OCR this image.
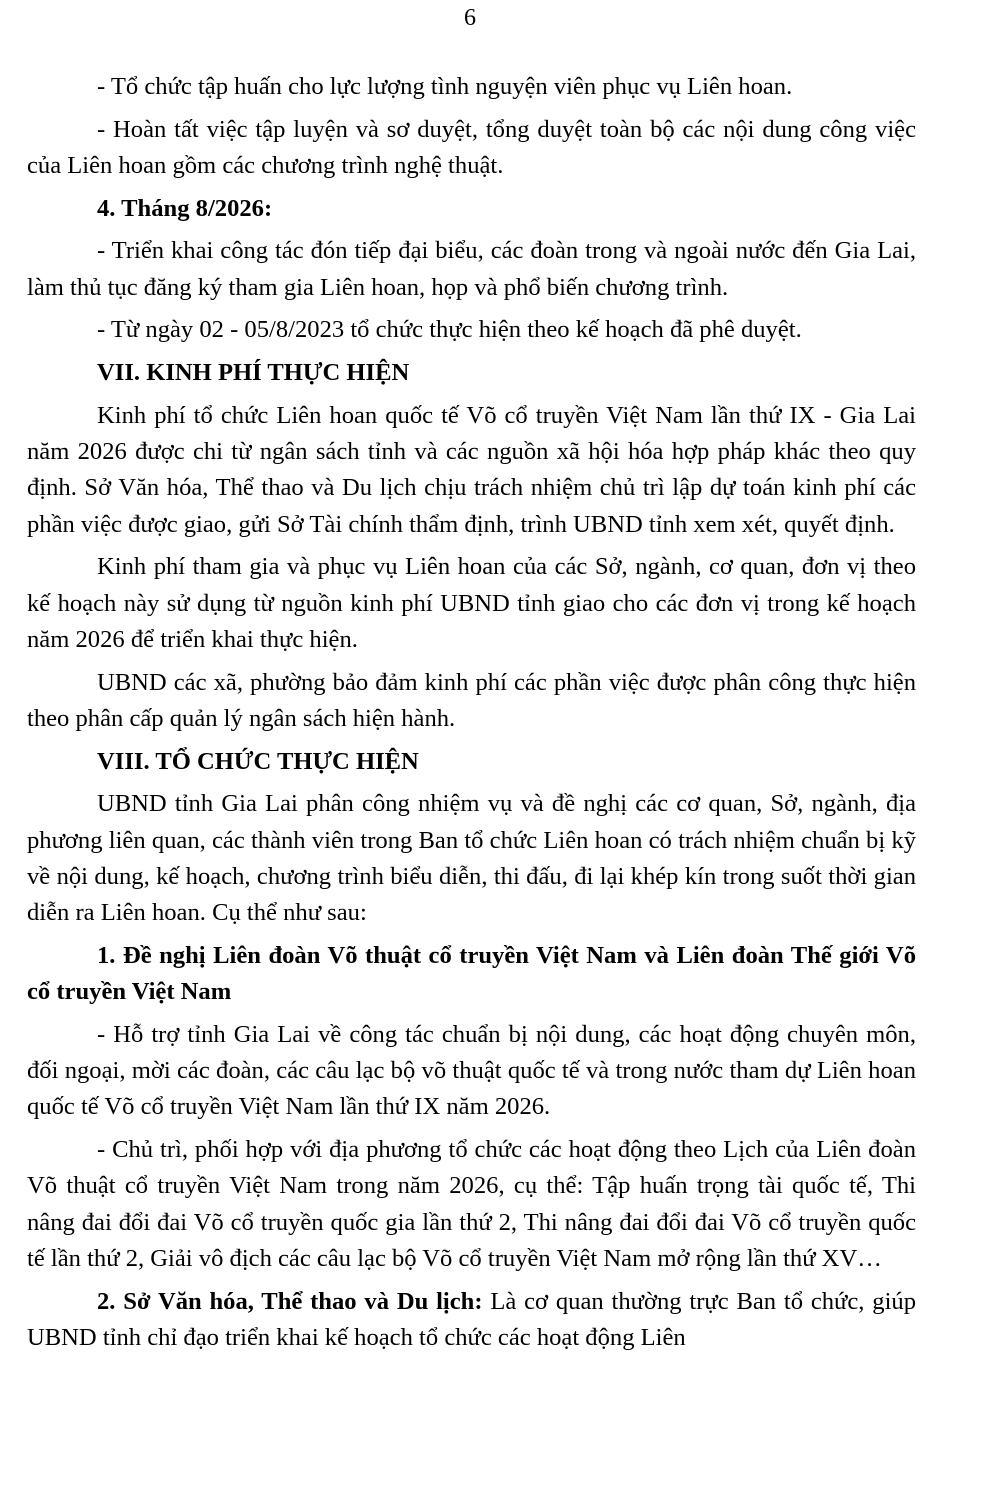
6

- Tổ chức tập huấn cho lực lượng tình nguyện viên phục vụ Liên hoan.

- Hoàn tất việc tập luyện và sơ duyệt, tổng duyệt toàn bộ các nội dung công việc của Liên hoan gồm các chương trình nghệ thuật.

4. Tháng 8/2026:

- Triển khai công tác đón tiếp đại biểu, các đoàn trong và ngoài nước đến Gia Lai, làm thủ tục đăng ký tham gia Liên hoan, họp và phổ biến chương trình.

- Từ ngày 02 - 05/8/2023 tổ chức thực hiện theo kế hoạch đã phê duyệt.

VII. KINH PHÍ THỰC HIỆN

Kinh phí tổ chức Liên hoan quốc tế Võ cổ truyền Việt Nam lần thứ IX - Gia Lai năm 2026 được chi từ ngân sách tỉnh và các nguồn xã hội hóa hợp pháp khác theo quy định. Sở Văn hóa, Thể thao và Du lịch chịu trách nhiệm chủ trì lập dự toán kinh phí các phần việc được giao, gửi Sở Tài chính thẩm định, trình UBND tỉnh xem xét, quyết định.

Kinh phí tham gia và phục vụ Liên hoan của các Sở, ngành, cơ quan, đơn vị theo kế hoạch này sử dụng từ nguồn kinh phí UBND tỉnh giao cho các đơn vị trong kế hoạch năm 2026 để triển khai thực hiện.

UBND các xã, phường bảo đảm kinh phí các phần việc được phân công thực hiện theo phân cấp quản lý ngân sách hiện hành.

VIII. TỔ CHỨC THỰC HIỆN

UBND tỉnh Gia Lai phân công nhiệm vụ và đề nghị các cơ quan, Sở, ngành, địa phương liên quan, các thành viên trong Ban tổ chức Liên hoan có trách nhiệm chuẩn bị kỹ về nội dung, kế hoạch, chương trình biểu diễn, thi đấu, đi lại khép kín trong suốt thời gian diễn ra Liên hoan. Cụ thể như sau:

1. Đề nghị Liên đoàn Võ thuật cổ truyền Việt Nam và Liên đoàn Thế giới Võ cổ truyền Việt Nam

- Hỗ trợ tỉnh Gia Lai về công tác chuẩn bị nội dung, các hoạt động chuyên môn, đối ngoại, mời các đoàn, các câu lạc bộ võ thuật quốc tế và trong nước tham dự Liên hoan quốc tế Võ cổ truyền Việt Nam lần thứ IX năm 2026.

- Chủ trì, phối hợp với địa phương tổ chức các hoạt động theo Lịch của Liên đoàn Võ thuật cổ truyền Việt Nam trong năm 2026, cụ thể: Tập huấn trọng tài quốc tế, Thi nâng đai đổi đai Võ cổ truyền quốc gia lần thứ 2, Thi nâng đai đổi đai Võ cổ truyền quốc tế lần thứ 2, Giải vô địch các câu lạc bộ Võ cổ truyền Việt Nam mở rộng lần thứ XV…

2. Sở Văn hóa, Thể thao và Du lịch: Là cơ quan thường trực Ban tổ chức, giúp UBND tỉnh chỉ đạo triển khai kế hoạch tổ chức các hoạt động Liên
